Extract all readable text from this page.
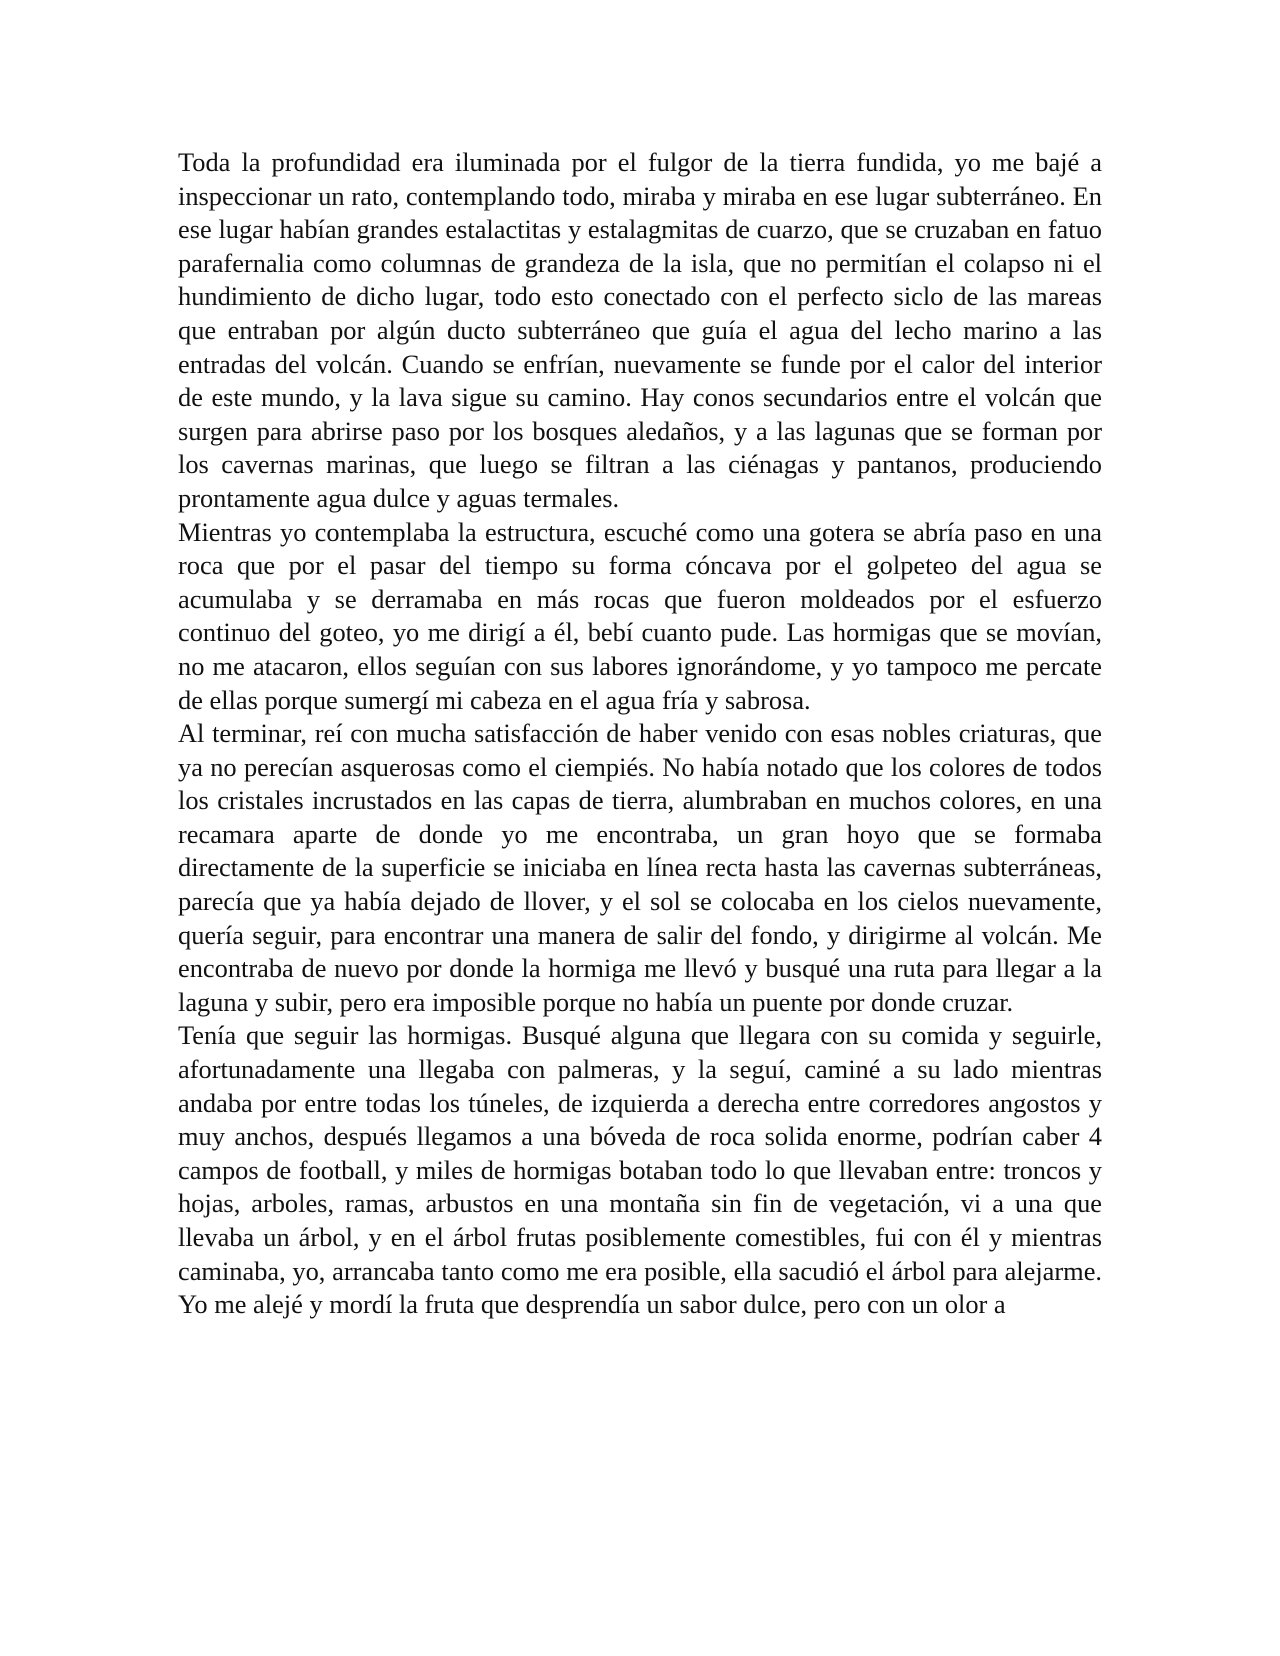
Toda la profundidad era iluminada por el fulgor de la tierra fundida, yo me bajé a inspeccionar un rato, contemplando todo, miraba y miraba en ese lugar subterráneo. En ese lugar habían grandes estalactitas y estalagmitas de cuarzo, que se cruzaban en fatuo parafernalia como columnas de grandeza de la isla, que no permitían el colapso ni el hundimiento de dicho lugar, todo esto conectado con el perfecto siclo de las mareas que entraban por algún ducto subterráneo que guía el agua del lecho marino a las entradas del volcán. Cuando se enfrían, nuevamente se funde por el calor del interior de este mundo, y la lava sigue su camino. Hay conos secundarios entre el volcán que surgen para abrirse paso por los bosques aledaños, y a las lagunas que se forman por los cavernas marinas, que luego se filtran a las ciénagas y pantanos, produciendo prontamente agua dulce y aguas termales.

Mientras yo contemplaba la estructura, escuché como una gotera se abría paso en una roca que por el pasar del tiempo su forma cóncava por el golpeteo del agua se acumulaba y se derramaba en más rocas que fueron moldeados por el esfuerzo continuo del goteo, yo me dirigí a él, bebí cuanto pude. Las hormigas que se movían, no me atacaron, ellos seguían con sus labores ignorándome, y yo tampoco me percate de ellas porque sumergí mi cabeza en el agua fría y sabrosa.

Al terminar, reí con mucha satisfacción de haber venido con esas nobles criaturas, que ya no perecían asquerosas como el ciempiés. No había notado que los colores de todos los cristales incrustados en las capas de tierra, alumbraban en muchos colores, en una recamara aparte de donde yo me encontraba, un gran hoyo que se formaba directamente de la superficie se iniciaba en línea recta hasta las cavernas subterráneas, parecía que ya había dejado de llover, y el sol se colocaba en los cielos nuevamente, quería seguir, para encontrar una manera de salir del fondo, y dirigirme al volcán. Me encontraba de nuevo por donde la hormiga me llevó y busqué una ruta para llegar a la laguna y subir, pero era imposible porque no había un puente por donde cruzar.

Tenía que seguir las hormigas. Busqué alguna que llegara con su comida y seguirle, afortunadamente una llegaba con palmeras, y la seguí, caminé a su lado mientras andaba por entre todas los túneles, de izquierda a derecha entre corredores angostos y muy anchos, después llegamos a una bóveda de roca solida enorme, podrían caber 4 campos de football, y miles de hormigas botaban todo lo que llevaban entre: troncos y hojas, arboles, ramas, arbustos en una montaña sin fin de vegetación, vi a una que llevaba un árbol, y en el árbol frutas posiblemente comestibles, fui con él y mientras caminaba, yo, arrancaba tanto como me era posible, ella sacudió el árbol para alejarme. Yo me alejé y mordí la fruta que desprendía un sabor dulce, pero con un olor a
